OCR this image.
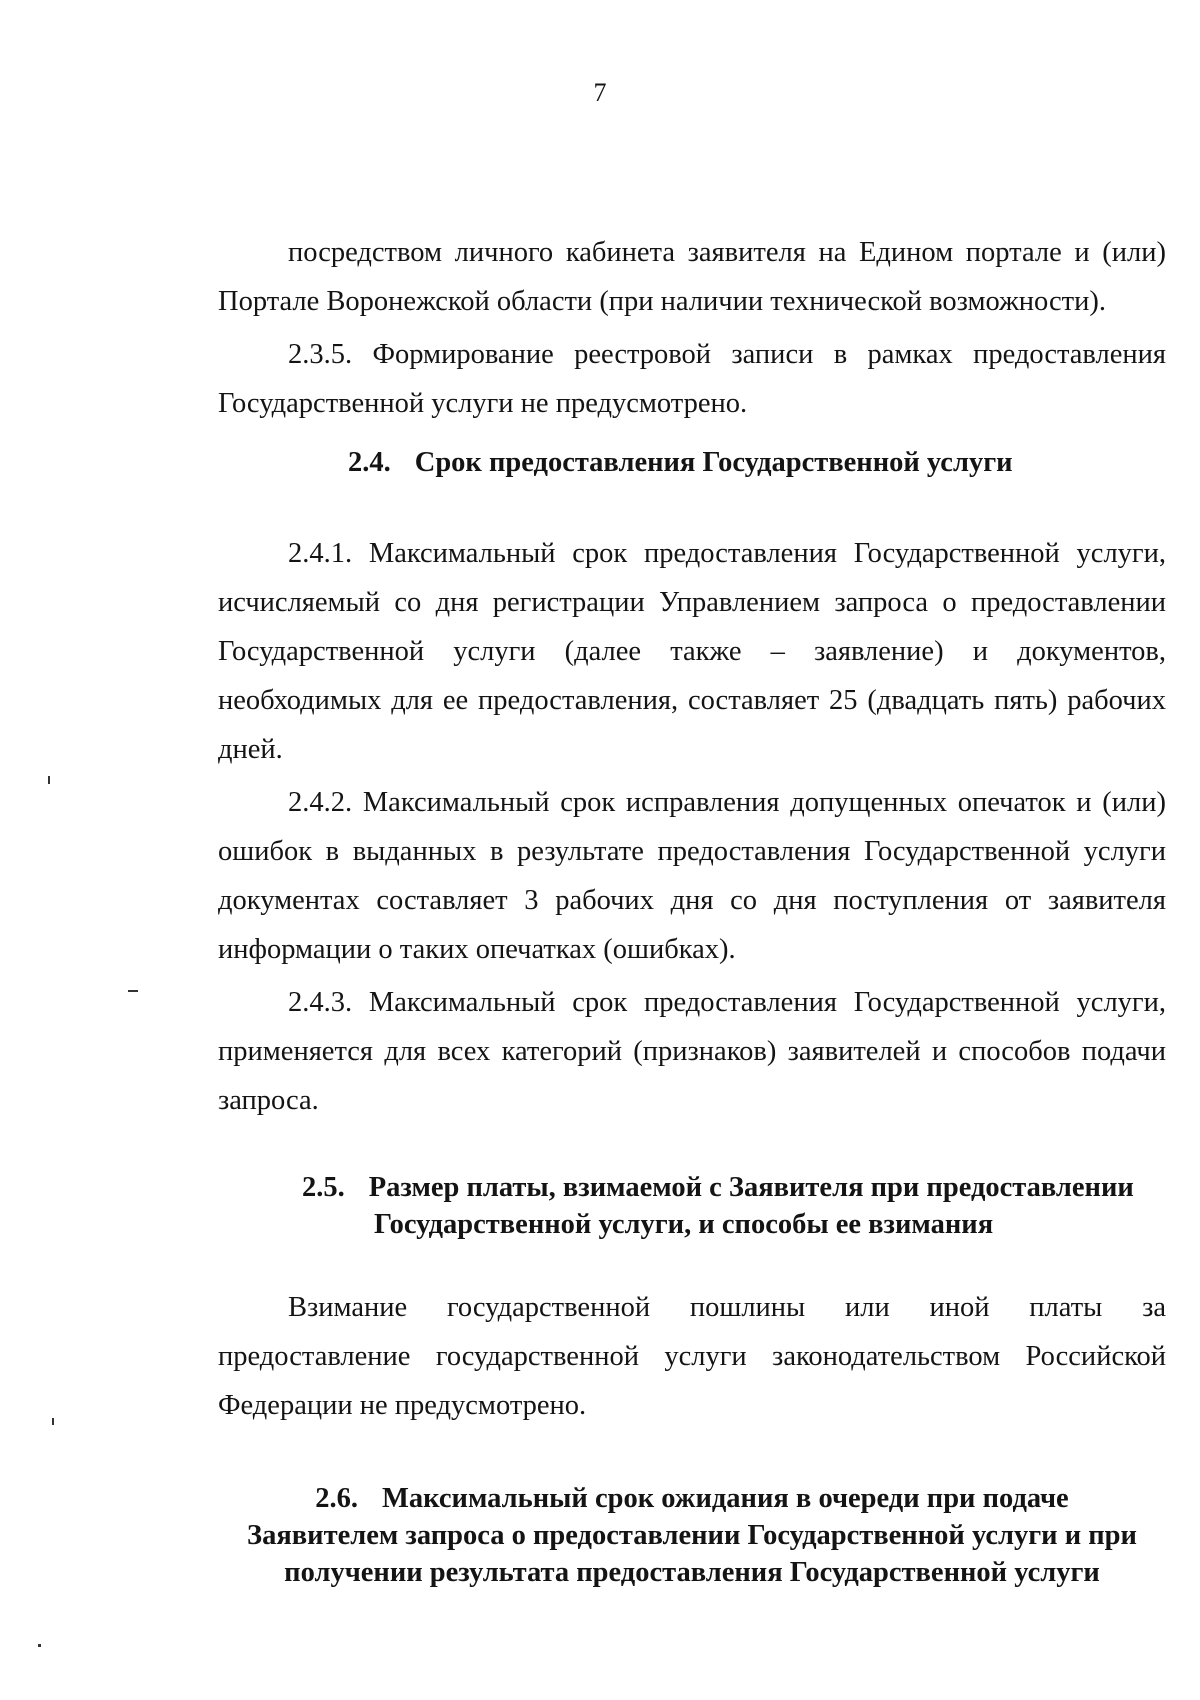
7

посредством личного кабинета заявителя на Едином портале и (или) Портале Воронежской области (при наличии технической возможности).

2.3.5. Формирование реестровой записи в рамках предоставления Государственной услуги не предусмотрено.

2.4. Срок предоставления Государственной услуги

2.4.1. Максимальный срок предоставления Государственной услуги, исчисляемый со дня регистрации Управлением запроса о предоставлении Государственной услуги (далее также – заявление) и документов, необходимых для ее предоставления, составляет 25 (двадцать пять) рабочих дней.

2.4.2. Максимальный срок исправления допущенных опечаток и (или) ошибок в выданных в результате предоставления Государственной услуги документах составляет 3 рабочих дня со дня поступления от заявителя информации о таких опечатках (ошибках).

2.4.3. Максимальный срок предоставления Государственной услуги, применяется для всех категорий (признаков) заявителей и способов подачи запроса.

2.5. Размер платы, взимаемой с Заявителя при предоставлении
Государственной услуги, и способы ее взимания

Взимание государственной пошлины или иной платы за предоставление государственной услуги законодательством Российской Федерации не предусмотрено.

2.6. Максимальный срок ожидания в очереди при подаче
Заявителем запроса о предоставлении Государственной услуги и при
получении результата предоставления Государственной услуги
